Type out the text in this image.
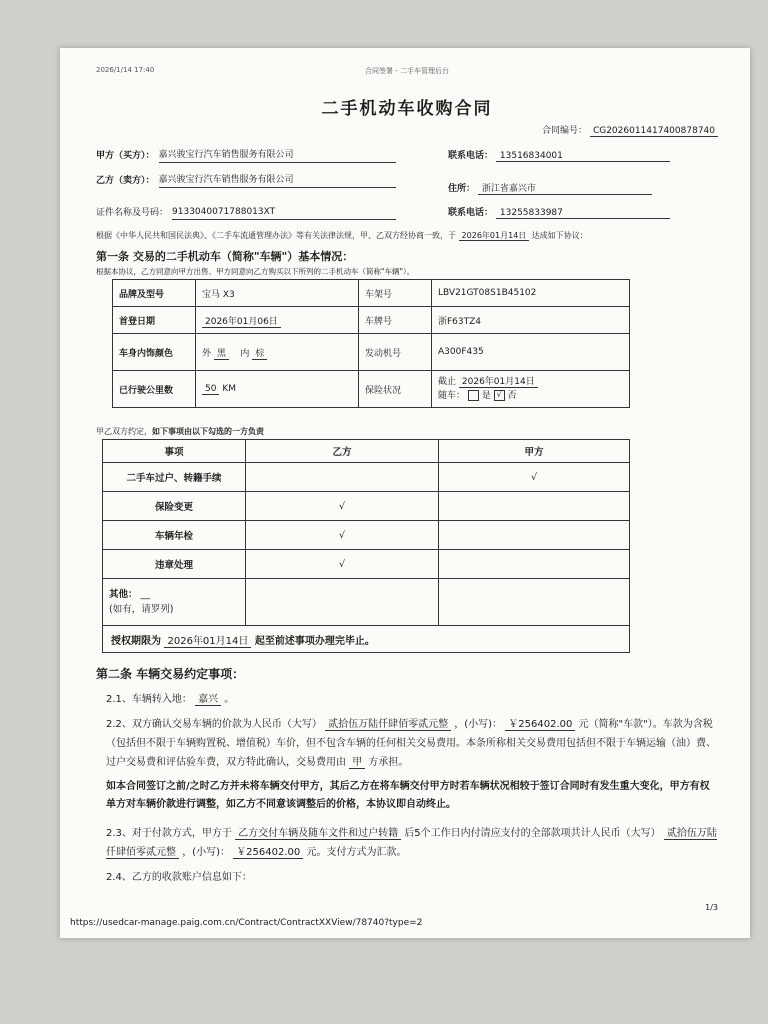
2026/1/14 17:40	合同签署 - 二手车管理后台
二手机动车收购合同
合同编号： CG2026011417400878740
甲方（买方）： 嘉兴骏宝行汽车销售服务有限公司	联系电话： 13516834001
乙方（卖方）： 嘉兴骏宝行汽车销售服务有限公司
住所： 浙江省嘉兴市
证件名称及号码： 9133040071788013XT	联系电话： 13255833987
根据《中华人民共和国民法典》、《二手车流通管理办法》等有关法律法规，甲、乙双方经协商一致，于 2026年01月14日 达成如下协议：
第一条 交易的二手机动车（简称"车辆"）基本情况：
根据本协议，乙方同意向甲方出售、甲方同意向乙方购买以下所列的二手机动车（简称"车辆"）。
品牌及型号	宝马 X3	车架号	LBV21GT08S1B45102
首登日期	2026年01月06日	车牌号	浙F63TZ4
车身内饰颜色	外 黑 内 棕	发动机号	A300F435
已行驶公里数	50 KM	保险状况	截止 2026年01月14日
随车： 是 √ 否
甲乙双方约定，如下事项由以下勾选的一方负责
事项	乙方	甲方
二手车过户、转籍手续		√
保险变更	√	
车辆年检	√	
违章处理	√	
其他： __
(如有，请罗列)		
授权期限为 2026年01月14日 起至前述事项办理完毕止。		
第二条 车辆交易约定事项：
2.1、车辆转入地： 嘉兴 。
2.2、双方确认交易车辆的价款为人民币（大写） 贰拾伍万陆仟肆佰零贰元整 ，(小写)： ￥256402.00 元（简称"车款"）。车款为含税（包括但不限于车辆购置税、增值税）车价，但不包含车辆的任何相关交易费用。本条所称相关交易费用包括但不限于车辆运输（油）费、过户交易费和评估验车费，双方特此确认，交易费用由 甲 方承担。
如本合同签订之前/之时乙方并未将车辆交付甲方，其后乙方在将车辆交付甲方时若车辆状况相较于签订合同时有发生重大变化，甲方有权单方对车辆价款进行调整，如乙方不同意该调整后的价格，本协议即自动终止。
2.3、对于付款方式，甲方于 乙方交付车辆及随车文件和过户转籍 后5个工作日内付清应支付的全部款项共计人民币（大写） 贰拾伍万陆仟肆佰零贰元整 ，(小写)： ￥256402.00 元。支付方式为汇款。
2.4、乙方的收款账户信息如下：
https://usedcar-manage.paig.com.cn/Contract/ContractXXView/78740?type=2
1/3
